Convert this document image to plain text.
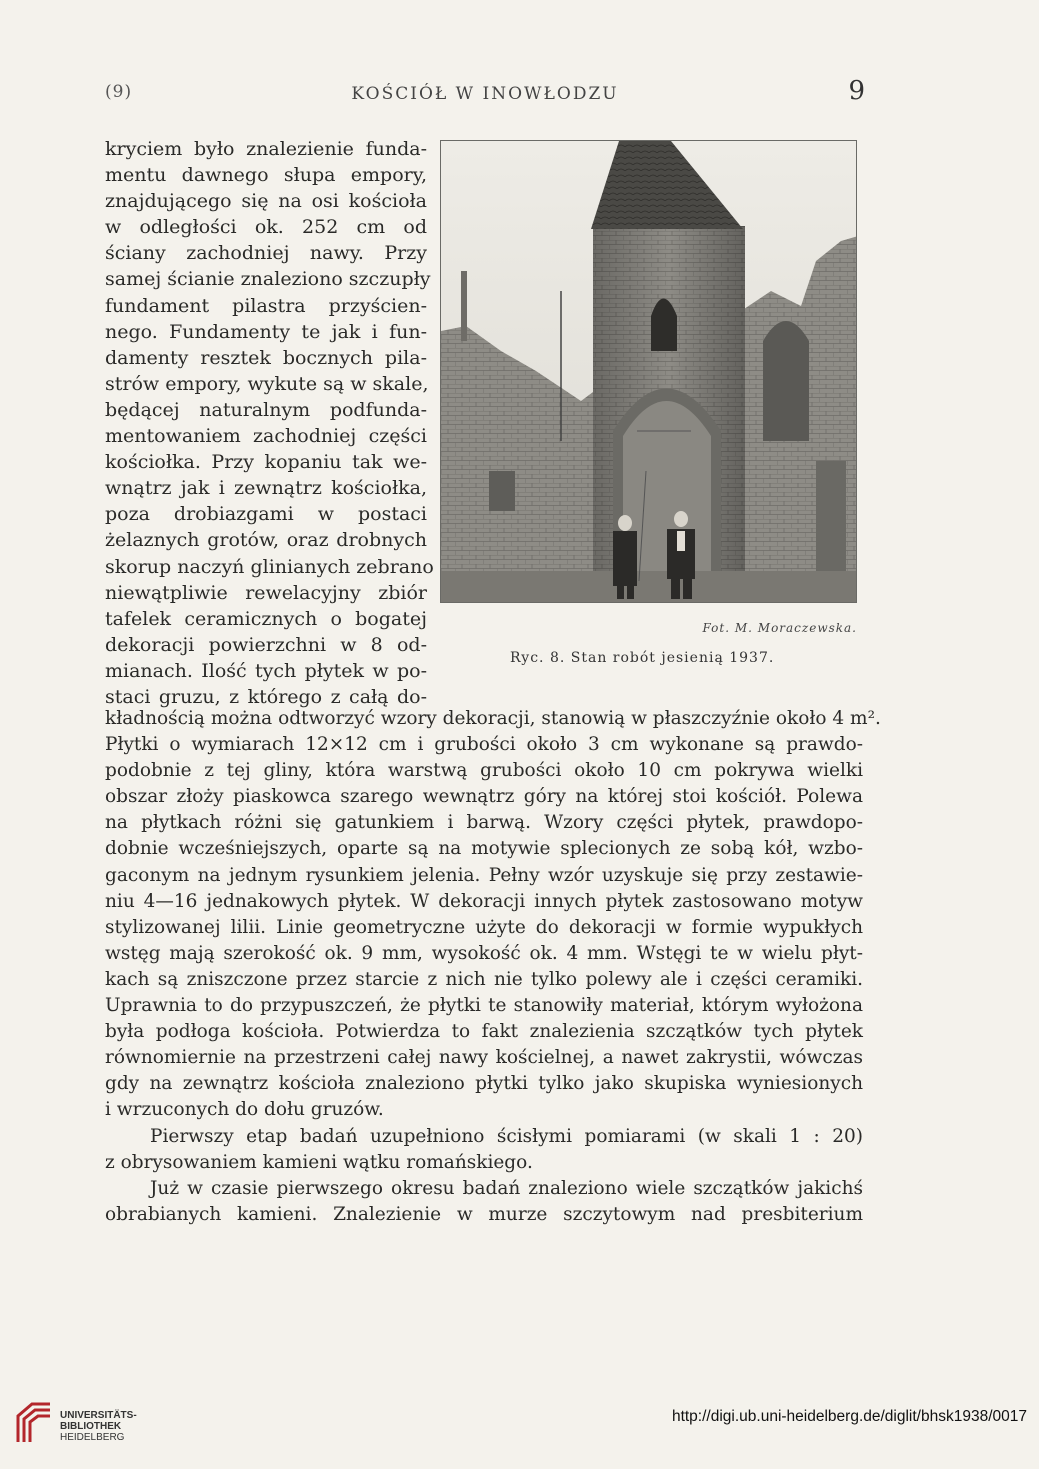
(9)	KOŚCIÓŁ W INOWŁODZU	9
kryciem było znalezienie funda-
mentu dawnego słupa empory,
znajdującego się na osi kościoła
w odległości ok. 252 cm od
ściany zachodniej nawy. Przy
samej ścianie znaleziono szczupły
fundament pilastra przyścien-
nego. Fundamenty te jak i fun-
damenty resztek bocznych pila-
strów empory, wykute są w skale,
będącej naturalnym podfunda-
mentowaniem zachodniej części
kościołka. Przy kopaniu tak we-
wnątrz jak i zewnątrz kościołka,
poza drobiazgami w postaci
żelaznych grotów, oraz drobnych
skorup naczyń glinianych zebrano
niewątpliwie rewelacyjny zbiór
tafelek ceramicznych o bogatej
dekoracji powierzchni w 8 od-
mianach. Ilość tych płytek w po-
staci gruzu, z którego z całą do-
Fot. M. Moraczewska.
Ryc. 8. Stan robót jesienią 1937.
kładnością można odtworzyć wzory dekoracji, stanowią w płaszczyźnie około 4 m².
Płytki o wymiarach 12×12 cm i grubości około 3 cm wykonane są prawdo-
podobnie z tej gliny, która warstwą grubości około 10 cm pokrywa wielki
obszar złoży piaskowca szarego wewnątrz góry na której stoi kościół. Polewa
na płytkach różni się gatunkiem i barwą. Wzory części płytek, prawdopo-
dobnie wcześniejszych, oparte są na motywie splecionych ze sobą kół, wzbo-
gaconym na jednym rysunkiem jelenia. Pełny wzór uzyskuje się przy zestawie-
niu 4—16 jednakowych płytek. W dekoracji innych płytek zastosowano motyw
stylizowanej lilii. Linie geometryczne użyte do dekoracji w formie wypukłych
wstęg mają szerokość ok. 9 mm, wysokość ok. 4 mm. Wstęgi te w wielu płyt-
kach są zniszczone przez starcie z nich nie tylko polewy ale i części ceramiki.
Uprawnia to do przypuszczeń, że płytki te stanowiły materiał, którym wyłożona
była podłoga kościoła. Potwierdza to fakt znalezienia szczątków tych płytek
równomiernie na przestrzeni całej nawy kościelnej, a nawet zakrystii, wówczas
gdy na zewnątrz kościoła znaleziono płytki tylko jako skupiska wyniesionych
i wrzuconych do dołu gruzów.
Pierwszy etap badań uzupełniono ścisłymi pomiarami (w skali 1 : 20)
z obrysowaniem kamieni wątku romańskiego.
Już w czasie pierwszego okresu badań znaleziono wiele szczątków jakichś
obrabianych kamieni. Znalezienie w murze szczytowym nad presbiterium
UNIVERSITÄTS-
BIBLIOTHEK
HEIDELBERG
http://digi.ub.uni-heidelberg.de/diglit/bhsk1938/0017
